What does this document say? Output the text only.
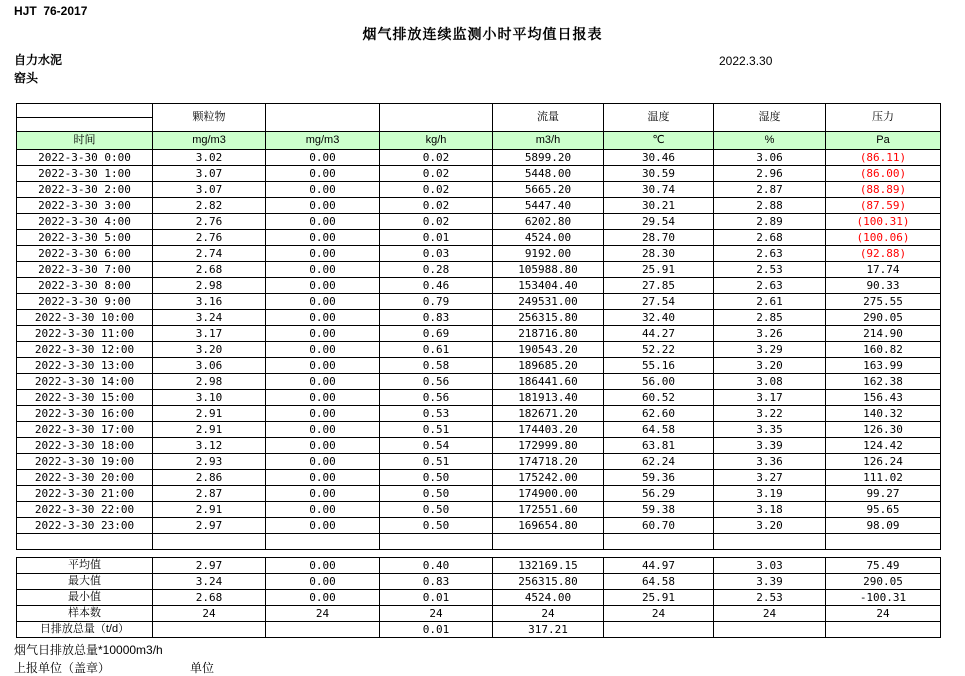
HJT  76-2017
烟气排放连续监测小时平均值日报表
自力水泥
窑头
2022.3.30
	颗粒物			流量	温度	湿度	压力

时间	mg/m3	mg/m3	kg/h	m3/h	℃	%	Pa
2022-3-30 0:00	3.02	0.00	0.02	5899.20	30.46	3.06	(86.11)
2022-3-30 1:00	3.07	0.00	0.02	5448.00	30.59	2.96	(86.00)
2022-3-30 2:00	3.07	0.00	0.02	5665.20	30.74	2.87	(88.89)
2022-3-30 3:00	2.82	0.00	0.02	5447.40	30.21	2.88	(87.59)
2022-3-30 4:00	2.76	0.00	0.02	6202.80	29.54	2.89	(100.31)
2022-3-30 5:00	2.76	0.00	0.01	4524.00	28.70	2.68	(100.06)
2022-3-30 6:00	2.74	0.00	0.03	9192.00	28.30	2.63	(92.88)
2022-3-30 7:00	2.68	0.00	0.28	105988.80	25.91	2.53	17.74
2022-3-30 8:00	2.98	0.00	0.46	153404.40	27.85	2.63	90.33
2022-3-30 9:00	3.16	0.00	0.79	249531.00	27.54	2.61	275.55
2022-3-30 10:00	3.24	0.00	0.83	256315.80	32.40	2.85	290.05
2022-3-30 11:00	3.17	0.00	0.69	218716.80	44.27	3.26	214.90
2022-3-30 12:00	3.20	0.00	0.61	190543.20	52.22	3.29	160.82
2022-3-30 13:00	3.06	0.00	0.58	189685.20	55.16	3.20	163.99
2022-3-30 14:00	2.98	0.00	0.56	186441.60	56.00	3.08	162.38
2022-3-30 15:00	3.10	0.00	0.56	181913.40	60.52	3.17	156.43
2022-3-30 16:00	2.91	0.00	0.53	182671.20	62.60	3.22	140.32
2022-3-30 17:00	2.91	0.00	0.51	174403.20	64.58	3.35	126.30
2022-3-30 18:00	3.12	0.00	0.54	172999.80	63.81	3.39	124.42
2022-3-30 19:00	2.93	0.00	0.51	174718.20	62.24	3.36	126.24
2022-3-30 20:00	2.86	0.00	0.50	175242.00	59.36	3.27	111.02
2022-3-30 21:00	2.87	0.00	0.50	174900.00	56.29	3.19	99.27
2022-3-30 22:00	2.91	0.00	0.50	172551.60	59.38	3.18	95.65
2022-3-30 23:00	2.97	0.00	0.50	169654.80	60.70	3.20	98.09

平均值	2.97	0.00	0.40	132169.15	44.97	3.03	75.49
最大值	3.24	0.00	0.83	256315.80	64.58	3.39	290.05
最小值	2.68	0.00	0.01	4524.00	25.91	2.53	-100.31
样本数	24	24	24	24	24	24	24
日排放总量（t/d）			0.01	317.21			
烟气日排放总量*10000m3/h
上报单位（盖章）	单位
